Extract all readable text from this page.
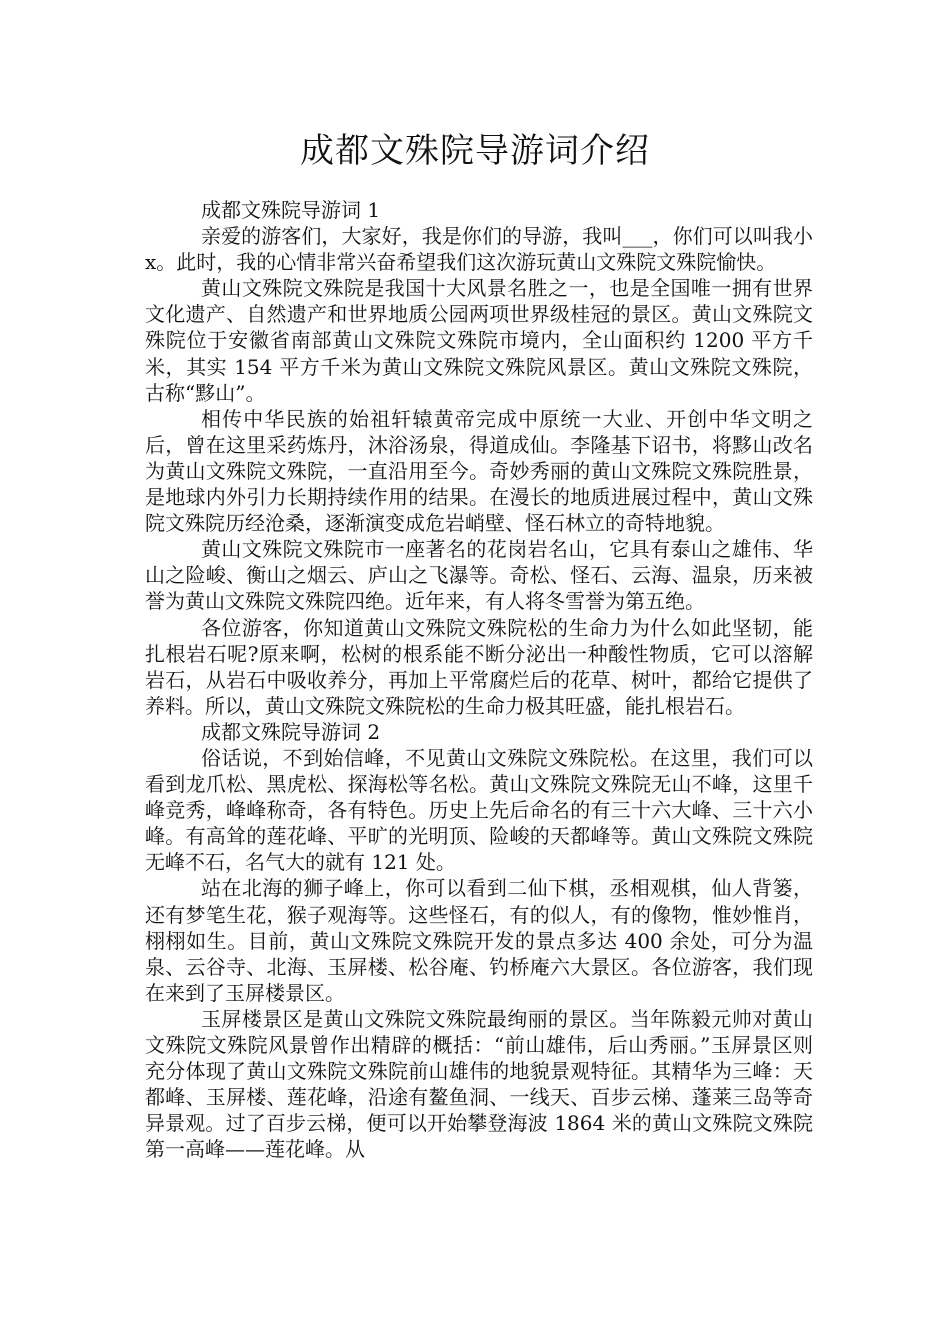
成都文殊院导游词介绍
成都文殊院导游词 1

亲爱的游客们，大家好，我是你们的导游，我叫___，你们可以叫我小 x。此时，我的心情非常兴奋希望我们这次游玩黄山文殊院文殊院愉快。

黄山文殊院文殊院是我国十大风景名胜之一，也是全国唯一拥有世界文化遗产、自然遗产和世界地质公园两项世界级桂冠的景区。黄山文殊院文殊院位于安徽省南部黄山文殊院文殊院市境内，全山面积约 1200 平方千米，其实 154 平方千米为黄山文殊院文殊院风景区。黄山文殊院文殊院，古称“黟山”。

相传中华民族的始祖轩辕黄帝完成中原统一大业、开创中华文明之后，曾在这里采药炼丹，沐浴汤泉，得道成仙。李隆基下诏书，将黟山改名为黄山文殊院文殊院，一直沿用至今。奇妙秀丽的黄山文殊院文殊院胜景，是地球内外引力长期持续作用的结果。在漫长的地质进展过程中，黄山文殊院文殊院历经沧桑，逐渐演变成危岩峭壁、怪石林立的奇特地貌。

黄山文殊院文殊院市一座著名的花岗岩名山，它具有泰山之雄伟、华山之险峻、衡山之烟云、庐山之飞瀑等。奇松、怪石、云海、温泉，历来被誉为黄山文殊院文殊院四绝。近年来，有人将冬雪誉为第五绝。

各位游客，你知道黄山文殊院文殊院松的生命力为什么如此坚韧，能扎根岩石呢?原来啊，松树的根系能不断分泌出一种酸性物质，它可以溶解岩石，从岩石中吸收养分，再加上平常腐烂后的花草、树叶，都给它提供了养料。所以，黄山文殊院文殊院松的生命力极其旺盛，能扎根岩石。

成都文殊院导游词 2

俗话说，不到始信峰，不见黄山文殊院文殊院松。在这里，我们可以看到龙爪松、黑虎松、探海松等名松。黄山文殊院文殊院无山不峰，这里千峰竞秀，峰峰称奇，各有特色。历史上先后命名的有三十六大峰、三十六小峰。有高耸的莲花峰、平旷的光明顶、险峻的天都峰等。黄山文殊院文殊院无峰不石，名气大的就有 121 处。

站在北海的狮子峰上，你可以看到二仙下棋，丞相观棋，仙人背篓，还有梦笔生花，猴子观海等。这些怪石，有的似人，有的像物，惟妙惟肖，栩栩如生。目前，黄山文殊院文殊院开发的景点多达 400 余处，可分为温泉、云谷寺、北海、玉屏楼、松谷庵、钓桥庵六大景区。各位游客，我们现在来到了玉屏楼景区。

玉屏楼景区是黄山文殊院文殊院最绚丽的景区。当年陈毅元帅对黄山文殊院文殊院风景曾作出精辟的概括：“前山雄伟，后山秀丽。”玉屏景区则充分体现了黄山文殊院文殊院前山雄伟的地貌景观特征。其精华为三峰：天都峰、玉屏楼、莲花峰，沿途有鳌鱼洞、一线天、百步云梯、蓬莱三岛等奇异景观。过了百步云梯，便可以开始攀登海波 1864 米的黄山文殊院文殊院第一高峰——莲花峰。从
